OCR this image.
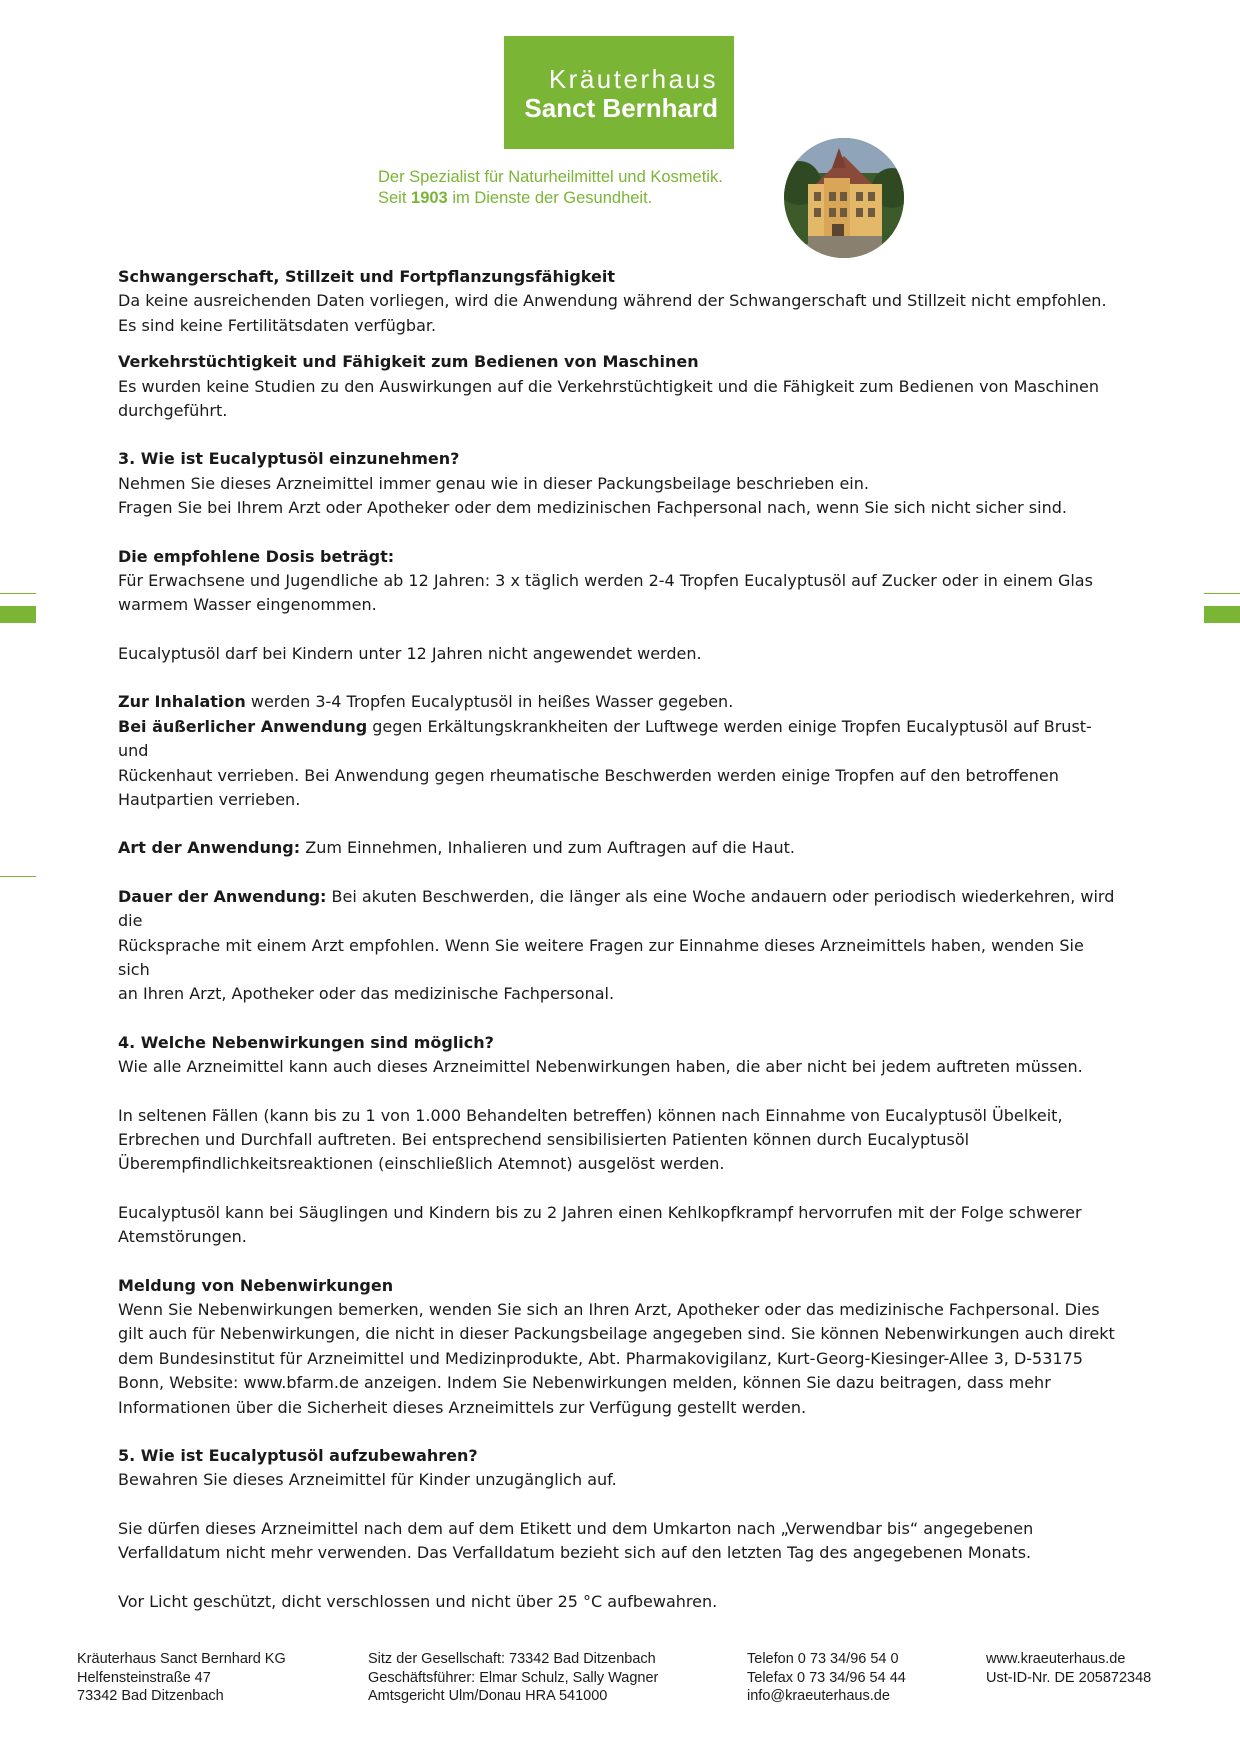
Kräuterhaus
Sanct Bernhard
Der Spezialist für Naturheilmittel und Kosmetik.
Seit 1903 im Dienste der Gesundheit.

Schwangerschaft, Stillzeit und Fortpflanzungsfähigkeit

Da keine ausreichenden Daten vorliegen, wird die Anwendung während der Schwangerschaft und Stillzeit nicht empfohlen.

Es sind keine Fertilitätsdaten verfügbar.

Verkehrstüchtigkeit und Fähigkeit zum Bedienen von Maschinen

Es wurden keine Studien zu den Auswirkungen auf die Verkehrstüchtigkeit und die Fähigkeit zum Bedienen von Maschinen

durchgeführt.

3. Wie ist Eucalyptusöl einzunehmen?

Nehmen Sie dieses Arzneimittel immer genau wie in dieser Packungsbeilage beschrieben ein.

Fragen Sie bei Ihrem Arzt oder Apotheker oder dem medizinischen Fachpersonal nach, wenn Sie sich nicht sicher sind.

Die empfohlene Dosis beträgt:

Für Erwachsene und Jugendliche ab 12 Jahren: 3 x täglich werden 2-4 Tropfen Eucalyptusöl auf Zucker oder in einem Glas

warmem Wasser eingenommen.

Eucalyptusöl darf bei Kindern unter 12 Jahren nicht angewendet werden.

Zur Inhalation werden 3-4 Tropfen Eucalyptusöl in heißes Wasser gegeben.

Bei äußerlicher Anwendung gegen Erkältungskrankheiten der Luftwege werden einige Tropfen Eucalyptusöl auf Brust- und

Rückenhaut verrieben. Bei Anwendung gegen rheumatische Beschwerden werden einige Tropfen auf den betroffenen

Hautpartien verrieben.

Art der Anwendung: Zum Einnehmen, Inhalieren und zum Auftragen auf die Haut.

Dauer der Anwendung: Bei akuten Beschwerden, die länger als eine Woche andauern oder periodisch wiederkehren, wird die

Rücksprache mit einem Arzt empfohlen. Wenn Sie weitere Fragen zur Einnahme dieses Arzneimittels haben, wenden Sie sich

an Ihren Arzt, Apotheker oder das medizinische Fachpersonal.

4. Welche Nebenwirkungen sind möglich?

Wie alle Arzneimittel kann auch dieses Arzneimittel Nebenwirkungen haben, die aber nicht bei jedem auftreten müssen.

In seltenen Fällen (kann bis zu 1 von 1.000 Behandelten betreffen) können nach Einnahme von Eucalyptusöl Übelkeit,

Erbrechen und Durchfall auftreten. Bei entsprechend sensibilisierten Patienten können durch Eucalyptusöl

Überempfindlichkeitsreaktionen (einschließlich Atemnot) ausgelöst werden.

Eucalyptusöl kann bei Säuglingen und Kindern bis zu 2 Jahren einen Kehlkopfkrampf hervorrufen mit der Folge schwerer

Atemstörungen.

Meldung von Nebenwirkungen

Wenn Sie Nebenwirkungen bemerken, wenden Sie sich an Ihren Arzt, Apotheker oder das medizinische Fachpersonal. Dies

gilt auch für Nebenwirkungen, die nicht in dieser Packungsbeilage angegeben sind. Sie können Nebenwirkungen auch direkt

dem Bundesinstitut für Arzneimittel und Medizinprodukte, Abt. Pharmakovigilanz, Kurt-Georg-Kiesinger-Allee 3, D-53175

Bonn, Website: www.bfarm.de anzeigen. Indem Sie Nebenwirkungen melden, können Sie dazu beitragen, dass mehr

Informationen über die Sicherheit dieses Arzneimittels zur Verfügung gestellt werden.

5. Wie ist Eucalyptusöl aufzubewahren?

Bewahren Sie dieses Arzneimittel für Kinder unzugänglich auf.

Sie dürfen dieses Arzneimittel nach dem auf dem Etikett und dem Umkarton nach „Verwendbar bis“ angegebenen

Verfalldatum nicht mehr verwenden. Das Verfalldatum bezieht sich auf den letzten Tag des angegebenen Monats.

Vor Licht geschützt, dicht verschlossen und nicht über 25 °C aufbewahren.

Kräuterhaus Sanct Bernhard KG
Helfensteinstraße 47
73342 Bad Ditzenbach
Sitz der Gesellschaft: 73342 Bad Ditzenbach
Geschäftsführer: Elmar Schulz, Sally Wagner
Amtsgericht Ulm/Donau HRA 541000
Telefon 0 73 34/96 54 0
Telefax 0 73 34/96 54 44
info@kraeuterhaus.de
www.kraeuterhaus.de
Ust-ID-Nr. DE 205872348
